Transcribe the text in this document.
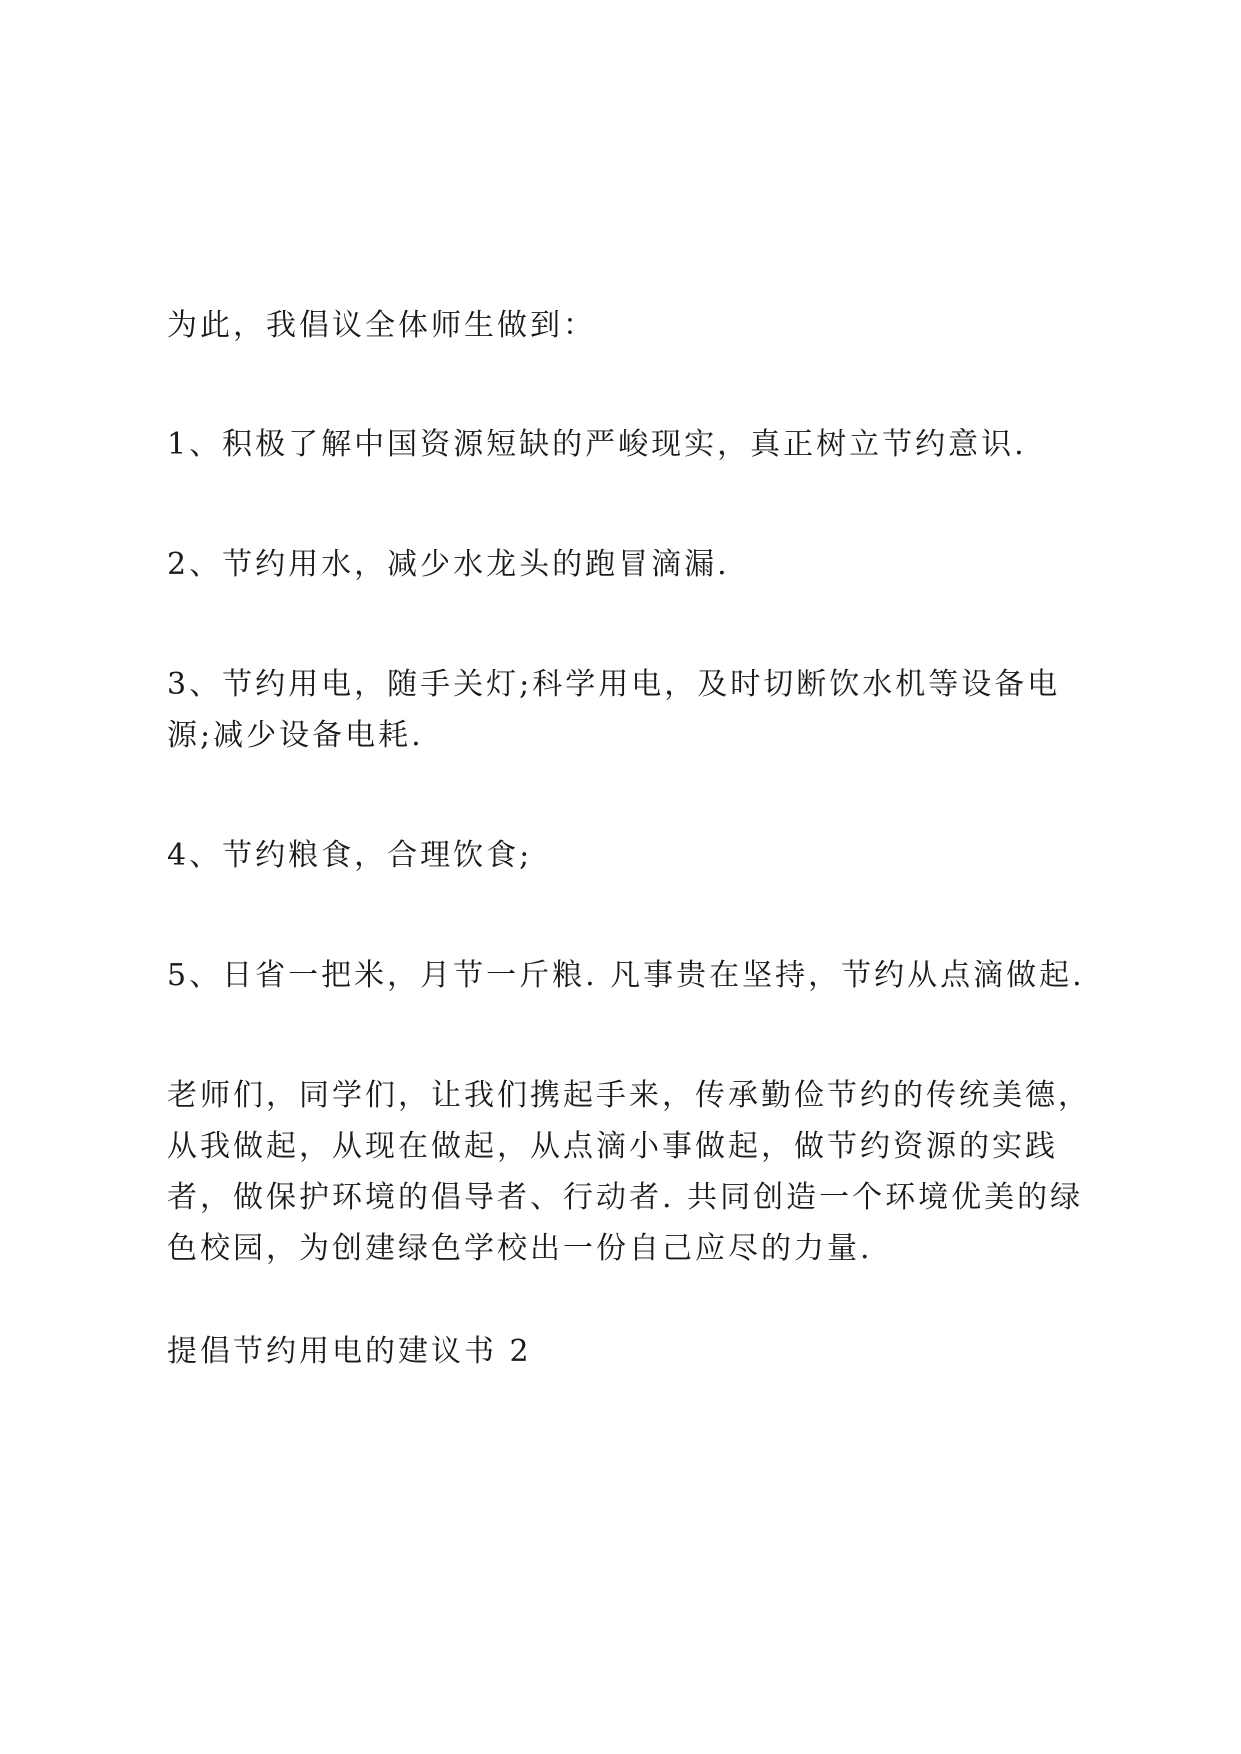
为此，我倡议全体师生做到：

1、积极了解中国资源短缺的严峻现实，真正树立节约意识.

2、节约用水，减少水龙头的跑冒滴漏.

3、节约用电，随手关灯;科学用电，及时切断饮水机等设备电
源;减少设备电耗.

4、节约粮食，合理饮食;

5、日省一把米，月节一斤粮. 凡事贵在坚持，节约从点滴做起.

老师们，同学们，让我们携起手来，传承勤俭节约的传统美德，
从我做起，从现在做起，从点滴小事做起，做节约资源的实践
者，做保护环境的倡导者、行动者. 共同创造一个环境优美的绿
色校园，为创建绿色学校出一份自己应尽的力量.

提倡节约用电的建议书 2
